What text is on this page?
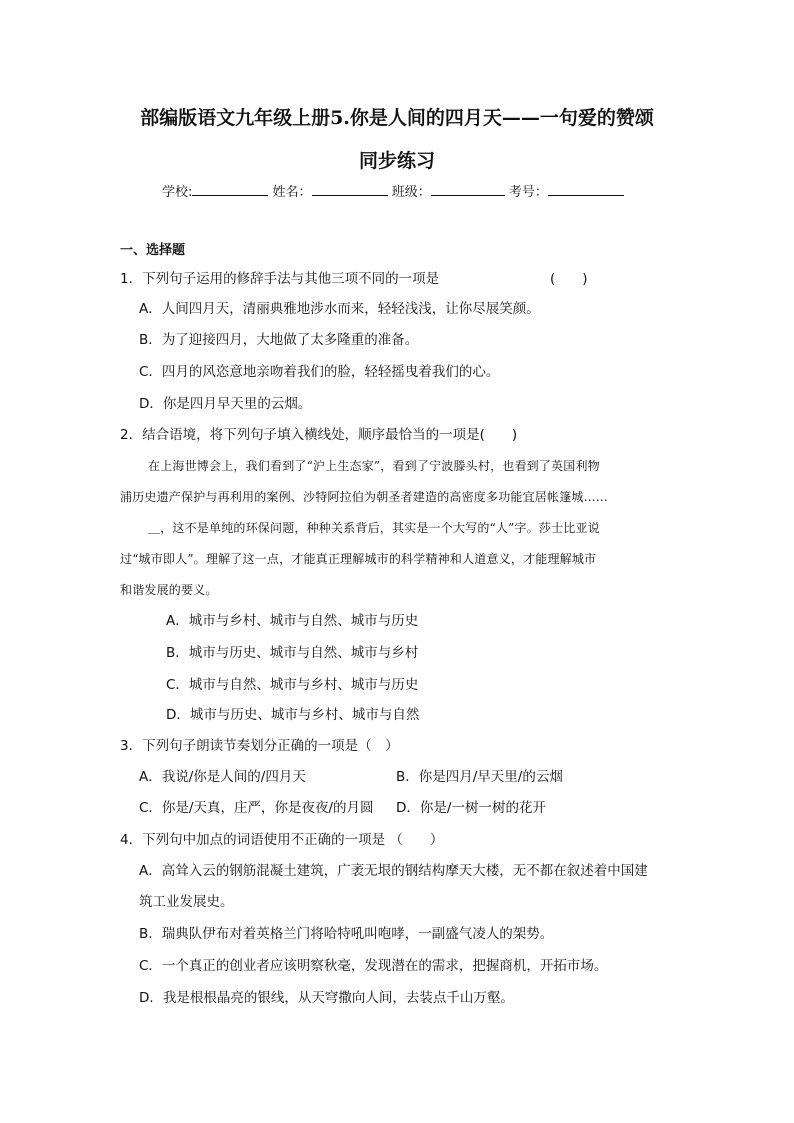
部编版语文九年级上册5.你是人间的四月天——一句爱的赞颂
同步练习
学校:	姓名：	班级：	考号：
一、选择题
1．下列句子运用的修辞手法与其他三项不同的一项是	(　　)
A．人间四月天，清丽典雅地涉水而来，轻轻浅浅，让你尽展笑颜。
B．为了迎接四月，大地做了太多隆重的准备。
C．四月的风恣意地亲吻着我们的脸，轻轻摇曳着我们的心。
D．你是四月早天里的云烟。
2．结合语境，将下列句子填入横线处，顺序最恰当的一项是(　　)
在上海世博会上，我们看到了“沪上生态家”，看到了宁波滕头村，也看到了英国利物
浦历史遗产保护与再利用的案例、沙特阿拉伯为朝圣者建造的高密度多功能宜居帐篷城……
＿，这不是单纯的环保问题，种种关系背后，其实是一个大写的“人”字。莎士比亚说
过“城市即人”。理解了这一点，才能真正理解城市的科学精神和人道意义，才能理解城市
和谐发展的要义。
A．城市与乡村、城市与自然、城市与历史
B．城市与历史、城市与自然、城市与乡村
C．城市与自然、城市与乡村、城市与历史
D．城市与历史、城市与乡村、城市与自然
3．下列句子朗读节奏划分正确的一项是（　）
A．我说/你是人间的/四月天	B．你是四月/早天里/的云烟
C．你是/天真，庄严，你是夜夜/的月圆 D．你是/一树一树的花开
4．下列句中加点的词语使用不正确的一项是 （　　）
A．高耸入云的钢筋混凝土建筑，广袤无垠的钢结构摩天大楼，无不都在叙述着中国建
筑工业发展史。
B．瑞典队伊布对着英格兰门将哈特吼叫咆哮，一副盛气凌人的架势。
C．一个真正的创业者应该明察秋毫，发现潜在的需求，把握商机，开拓市场。
D．我是根根晶亮的银线，从天穹撒向人间，去装点千山万壑。
